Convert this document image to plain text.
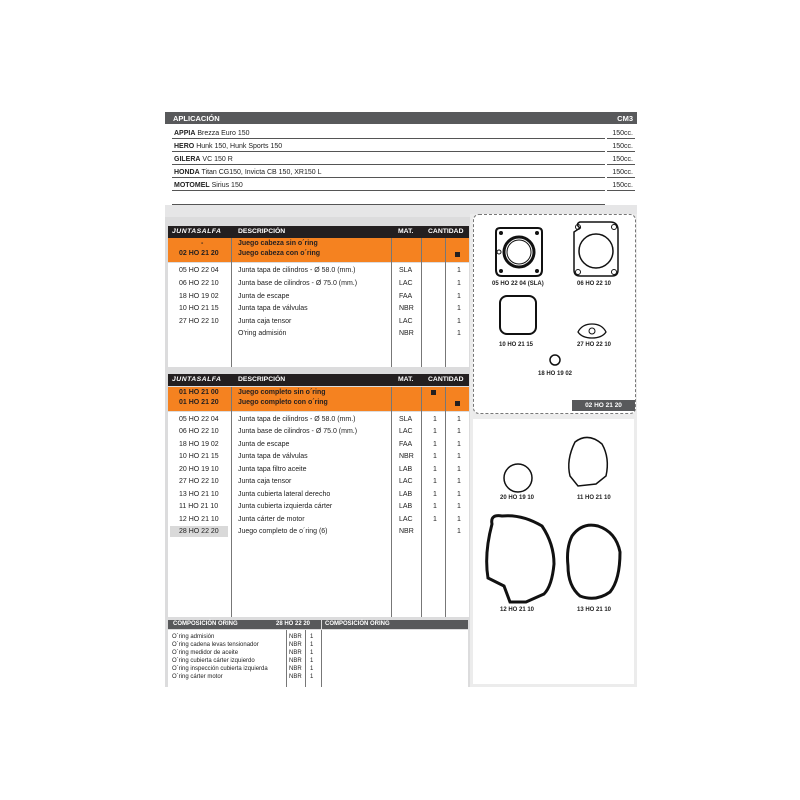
APLICACIÓN	CM3
APPIA Brezza Euro 150	150cc.
HERO Hunk 150, Hunk Sports 150	150cc.
GILERA VC 150 R	150cc.
HONDA Titan CG150, Invicta CB 150, XR150 L	150cc.
MOTOMEL Sirius 150	150cc.
JUNTASALFA DESCRIPCIÓN	MAT. CANTIDAD
-	Juego cabeza sin o´ring
02 HO 21 20	Juego cabeza con o´ring
05 HO 22 04	Junta tapa de cilindros - Ø 58.0 (mm.)	SLA	1
06 HO 22 10	Junta base de cilindros - Ø 75.0 (mm.)	LAC	1
18 HO 19 02	Junta de escape	FAA	1
10 HO 21 15	Junta tapa de válvulas	NBR	1
27 HO 22 10	Junta caja tensor	LAC	1
O'ring admisión	NBR	1
JUNTASALFA DESCRIPCIÓN	MAT. CANTIDAD
01 HO 21 00	Juego completo sin o´ring
01 HO 21 20	Juego completo con o´ring
05 HO 22 04	Junta tapa de cilindros - Ø 58.0 (mm.)	SLA	1	1
06 HO 22 10	Junta base de cilindros - Ø 75.0 (mm.)	LAC	1	1
18 HO 19 02	Junta de escape	FAA	1	1
10 HO 21 15	Junta tapa de válvulas	NBR	1	1
20 HO 19 10	Junta tapa filtro aceite	LAB	1	1
27 HO 22 10	Junta caja tensor	LAC	1	1
13 HO 21 10	Junta cubierta lateral derecho	LAB	1	1
11 HO 21 10	Junta cubierta izquierda cárter	LAB	1	1
12 HO 21 10	Junta cárter de motor	LAC	1	1
28 HO 22 20	Juego completo de o´ring (6)	NBR	1
COMPOSICIÓN ORING	28 HO 22 20 COMPOSICIÓN ORING
O´ring admisión	NBR 1
O´ring cadena levas tensionador	NBR 1
O´ring medidor de aceite	NBR 1
O´ring cubierta cárter izquierdo	NBR 1
O´ring inspección cubierta izquierda	NBR 1
O´ring cárter motor	NBR 1
05 HO 22 04 (SLA)	06 HO 22 10
10 HO 21 15	27 HO 22 10
18 HO 19 02
02 HO 21 20
20 HO 19 10	11 HO 21 10
12 HO 21 10	13 HO 21 10
